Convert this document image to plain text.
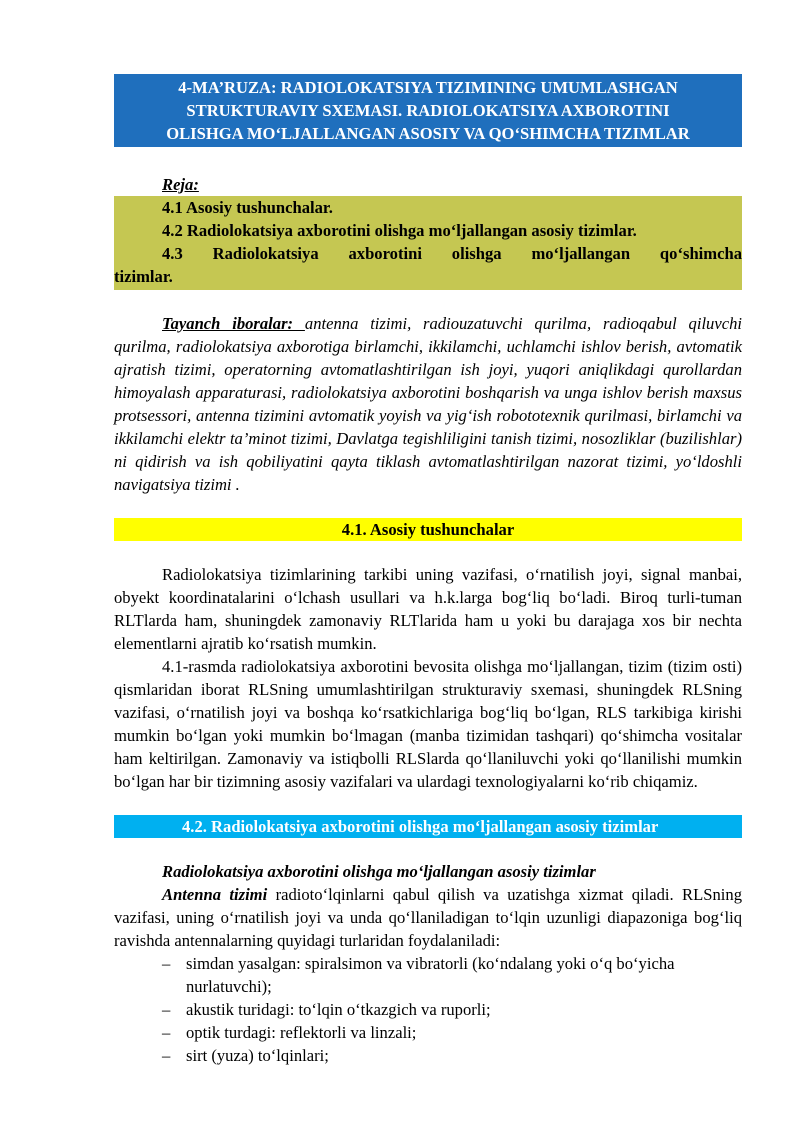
4-MA’RUZA: RADIOLOKATSIYA TIZIMINING UMUMLASHGAN
STRUKTURAVIY SXEMASI. RADIOLOKATSIYA AXBOROTINI
OLISHGA MO‘LJALLANGAN ASOSIY VA QO‘SHIMCHA TIZIMLAR
Reja:
4.1 Asosiy tushunchalar.
4.2 Radiolokatsiya axborotini olishga mo‘ljallangan asosiy tizimlar.
4.3 Radiolokatsiya axborotini olishga mo‘ljallangan qo‘shimcha
tizimlar.
Tayanch iboralar: antenna tizimi, radiouzatuvchi qurilma, radioqabul qiluvchi qurilma, radiolokatsiya axborotiga birlamchi, ikkilamchi, uchlamchi ishlov berish, avtomatik ajratish tizimi, operatorning avtomatlashtirilgan ish joyi, yuqori aniqlikdagi qurollardan himoyalash apparaturasi, radiolokatsiya axborotini boshqarish va unga ishlov berish maxsus protsessori, antenna tizimini avtomatik yoyish va yig‘ish robototexnik qurilmasi, birlamchi va ikkilamchi elektr ta’minot tizimi, Davlatga tegishliligini tanish tizimi, nosozliklar (buzilishlar) ni qidirish va ish qobiliyatini qayta tiklash avtomatlashtirilgan nazorat tizimi, yo‘ldoshli navigatsiya tizimi .
4.1. Asosiy tushunchalar
Radiolokatsiya tizimlarining tarkibi uning vazifasi, o‘rnatilish joyi, signal manbai, obyekt koordinatalarini o‘lchash usullari va h.k.larga bog‘liq bo‘ladi. Biroq turli-tuman RLTlarda ham, shuningdek zamonaviy RLTlarida ham u yoki bu darajaga xos bir nechta elementlarni ajratib ko‘rsatish mumkin.
4.1-rasmda radiolokatsiya axborotini bevosita olishga mo‘ljallangan, tizim (tizim osti) qismlaridan iborat RLSning umumlashtirilgan strukturaviy sxemasi, shuningdek RLSning vazifasi, o‘rnatilish joyi va boshqa ko‘rsatkichlariga bog‘liq bo‘lgan, RLS tarkibiga kirishi mumkin bo‘lgan yoki mumkin bo‘lmagan (manba tizimidan tashqari) qo‘shimcha vositalar ham keltirilgan. Zamonaviy va istiqbolli RLSlarda qo‘llaniluvchi yoki qo‘llanilishi mumkin bo‘lgan har bir tizimning asosiy vazifalari va ulardagi texnologiyalarni ko‘rib chiqamiz.
4.2. Radiolokatsiya axborotini olishga mo‘ljallangan asosiy tizimlar
Radiolokatsiya axborotini olishga mo‘ljallangan asosiy tizimlar
Antenna tizimi radioto‘lqinlarni qabul qilish va uzatishga xizmat qiladi. RLSning vazifasi, uning o‘rnatilish joyi va unda qo‘llaniladigan to‘lqin uzunligi diapazoniga bog‘liq ravishda antennalarning quyidagi turlaridan foydalaniladi:
– simdan yasalgan: spiralsimon va vibratorli (ko‘ndalang yoki o‘q bo‘yicha nurlatuvchi);
– akustik turidagi: to‘lqin o‘tkazgich va ruporli;
– optik turdagi: reflektorli va linzali;
– sirt (yuza) to‘lqinlari;
